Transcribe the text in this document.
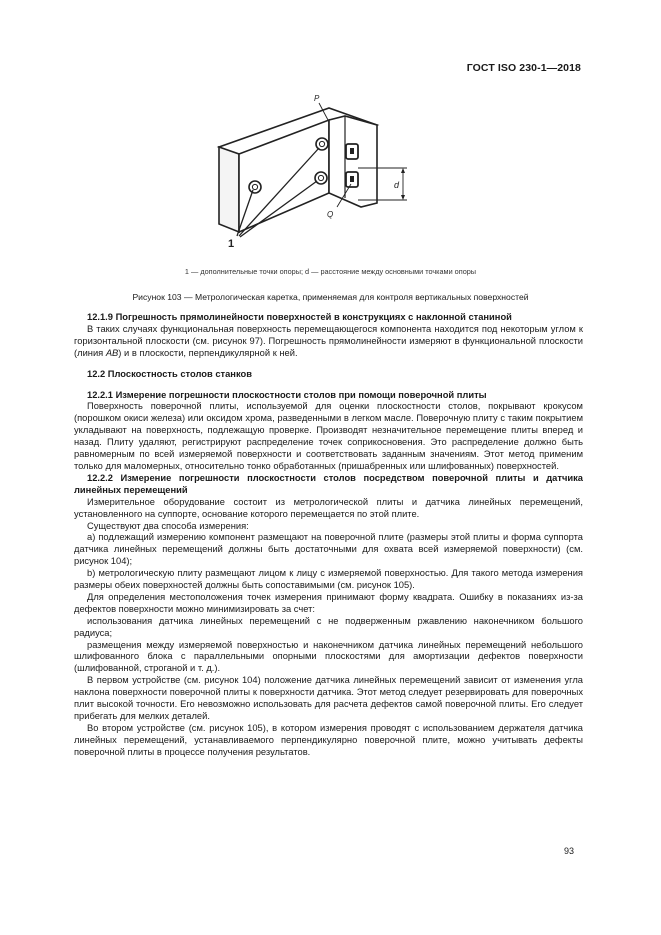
ГОСТ ISO 230-1—2018
d
P
Q
1
1 — дополнительные точки опоры; d — расстояние между основными точками опоры
Рисунок 103 — Метрологическая каретка, применяемая для контроля вертикальных поверхностей

12.1.9 Погрешность прямолинейности поверхностей в конструкциях с наклонной станиной

В таких случаях функциональная поверхность перемещающегося компонента находится под некоторым углом к горизонтальной плоскости (см. рисунок 97). Погрешность прямолинейности измеряют в функциональной плоскости (линия AB) и в плоскости, перпендикулярной к ней.

12.2 Плоскостность столов станков

12.2.1 Измерение погрешности плоскостности столов при помощи поверочной плиты

Поверхность поверочной плиты, используемой для оценки плоскостности столов, покрывают крокусом (порошком окиси железа) или оксидом хрома, разведенными в легком масле. Поверочную плиту с таким покрытием укладывают на поверхность, подлежащую проверке. Производят незначительное перемещение плиты вперед и назад. Плиту удаляют, регистрируют распределение точек соприкосновения. Это распределение должно быть равномерным по всей измеряемой поверхности и соответствовать заданным значениям. Этот метод применим только для маломерных, относительно тонко обработанных (пришабренных или шлифованных) поверхностей.

12.2.2 Измерение погрешности плоскостности столов посредством поверочной плиты и датчика линейных перемещений

Измерительное оборудование состоит из метрологической плиты и датчика линейных перемещений, установленного на суппорте, основание которого перемещается по этой плите.

Существуют два способа измерения:

а) подлежащий измерению компонент размещают на поверочной плите (размеры этой плиты и форма суппорта датчика линейных перемещений должны быть достаточными для охвата всей измеряемой поверхности) (см. рисунок 104);

b) метрологическую плиту размещают лицом к лицу с измеряемой поверхностью. Для такого метода измерения размеры обеих поверхностей должны быть сопоставимыми (см. рисунок 105).

Для определения местоположения точек измерения принимают форму квадрата. Ошибку в показаниях из-за дефектов поверхности можно минимизировать за счет:

использования датчика линейных перемещений с не подверженным ржавлению наконечником большого радиуса;

размещения между измеряемой поверхностью и наконечником датчика линейных перемещений небольшого шлифованного блока с параллельными опорными плоскостями для амортизации дефектов поверхности (шлифованной, строганой и т. д.).

В первом устройстве (см. рисунок 104) положение датчика линейных перемещений зависит от изменения угла наклона поверхности поверочной плиты к поверхности датчика. Этот метод следует резервировать для поверочных плит высокой точности. Его невозможно использовать для расчета дефектов самой поверочной плиты. Его следует прибегать для мелких деталей.

Во втором устройстве (см. рисунок 105), в котором измерения проводят с использованием держателя датчика линейных перемещений, устанавливаемого перпендикулярно поверочной плите, можно учитывать дефекты поверочной плиты в процессе получения результатов.

93
